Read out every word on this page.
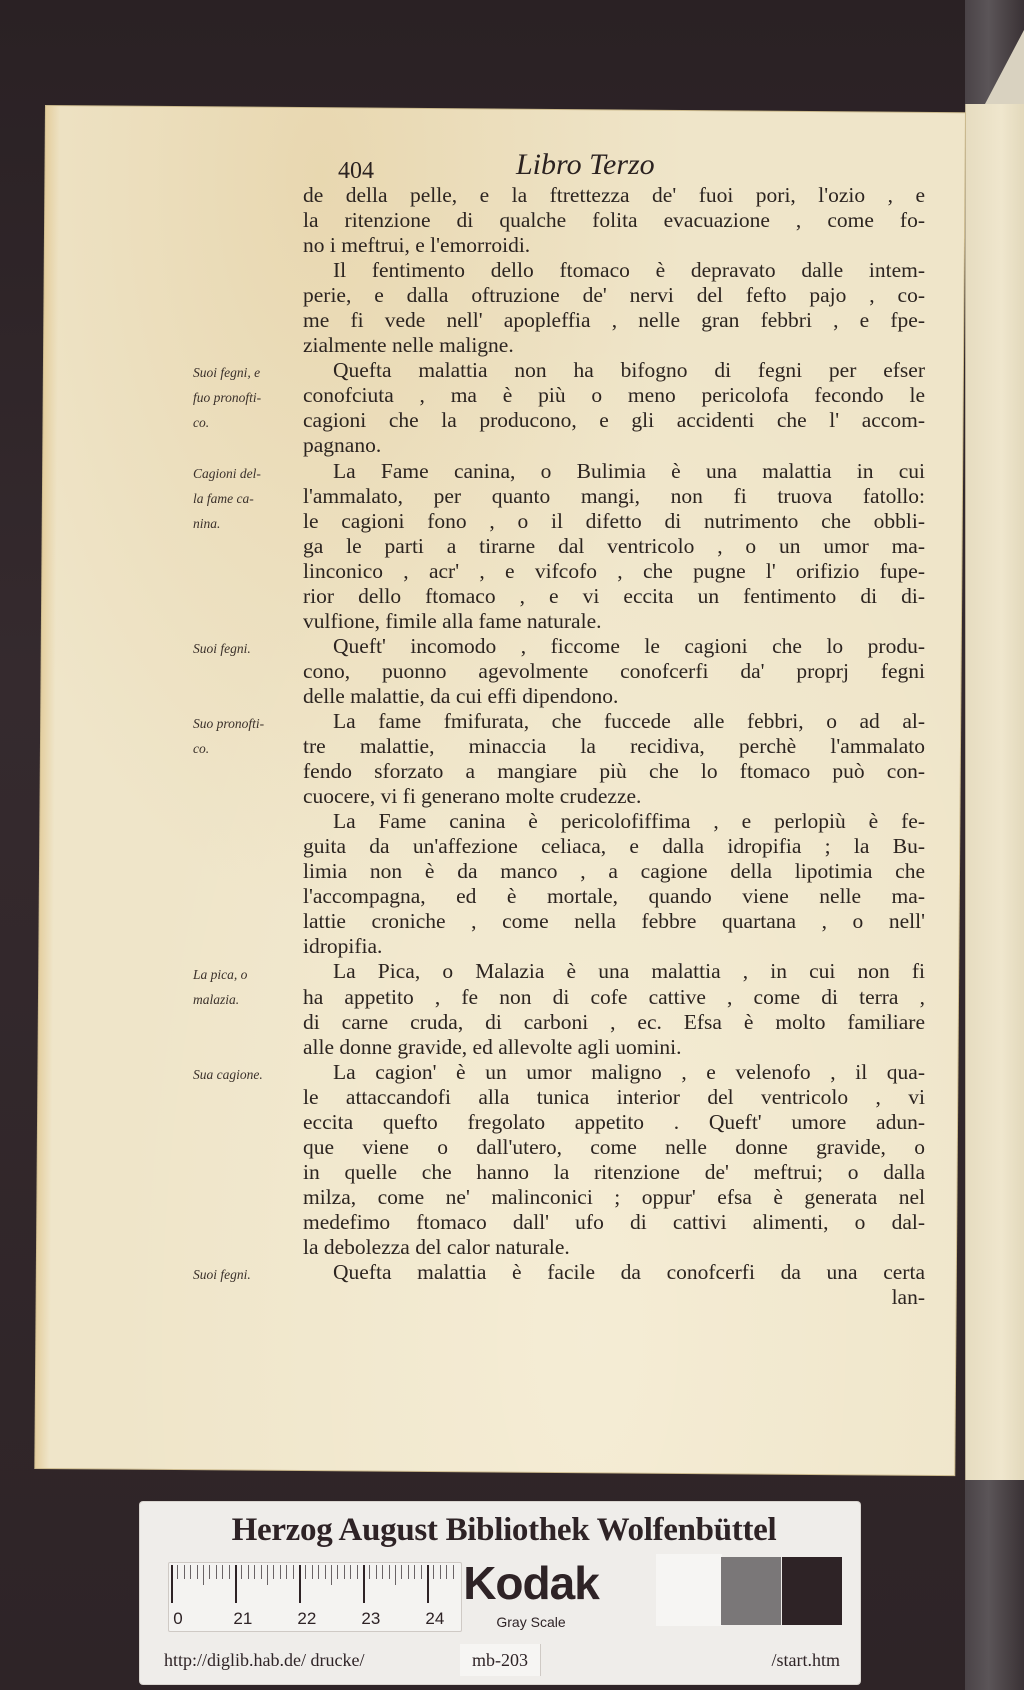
404	Libro Terzo
Suoi fegni, e
fuo pronofti-
co.
Cagioni del-
la fame ca-
nina.
Suoi fegni.
Suo pronofti-
co.
La pica, o
malazia.
Sua cagione.
Suoi fegni.
de della pelle, e la ftrettezza de' fuoi pori, l'ozio , e
la ritenzione di qualche folita evacuazione , come fo-
no i meftrui, e l'emorroidi.
Il fentimento dello ftomaco è depravato dalle intem-
perie, e dalla oftruzione de' nervi del fefto pajo , co-
me fi vede nell' apopleffia , nelle gran febbri , e fpe-
zialmente nelle maligne.
Quefta malattia non ha bifogno di fegni per efser
conofciuta , ma è più o meno pericolofa fecondo le
cagioni che la producono, e gli accidenti che l' accom-
pagnano.
La Fame canina, o Bulimia è una malattia in cui
l'ammalato, per quanto mangi, non fi truova fatollo:
le cagioni fono , o il difetto di nutrimento che obbli-
ga le parti a tirarne dal ventricolo , o un umor ma-
linconico , acr' , e vifcofo , che pugne l' orifizio fupe-
rior dello ftomaco , e vi eccita un fentimento di di-
vulfione, fimile alla fame naturale.
Queft' incomodo , ficcome le cagioni che lo produ-
cono, puonno agevolmente conofcerfi da' proprj fegni
delle malattie, da cui effi dipendono.
La fame fmifurata, che fuccede alle febbri, o ad al-
tre malattie, minaccia la recidiva, perchè l'ammalato
fendo sforzato a mangiare più che lo ftomaco può con-
cuocere, vi fi generano molte crudezze.
La Fame canina è pericolofiffima , e perlopiù è fe-
guita da un'affezione celiaca, e dalla idropifia ; la Bu-
limia non è da manco , a cagione della lipotimia che
l'accompagna, ed è mortale, quando viene nelle ma-
lattie croniche , come nella febbre quartana , o nell'
idropifia.
La Pica, o Malazia è una malattia , in cui non fi
ha appetito , fe non di cofe cattive , come di terra ,
di carne cruda, di carboni , ec. Efsa è molto familiare
alle donne gravide, ed allevolte agli uomini.
La cagion' è un umor maligno , e velenofo , il qua-
le attaccandofi alla tunica interior del ventricolo , vi
eccita quefto fregolato appetito . Queft' umore adun-
que viene o dall'utero, come nelle donne gravide, o
in quelle che hanno la ritenzione de' meftrui; o dalla
milza, come ne' malinconici ; oppur' efsa è generata nel
medefimo ftomaco dall' ufo di cattivi alimenti, o dal-
la debolezza del calor naturale.
Quefta malattia è facile da conofcerfi da una certa
lan-
Herzog August Bibliothek Wolfenbüttel
0	21	22	23	24
Kodak
Gray Scale
http://diglib.hab.de/ drucke/	mb-203	/start.htm
